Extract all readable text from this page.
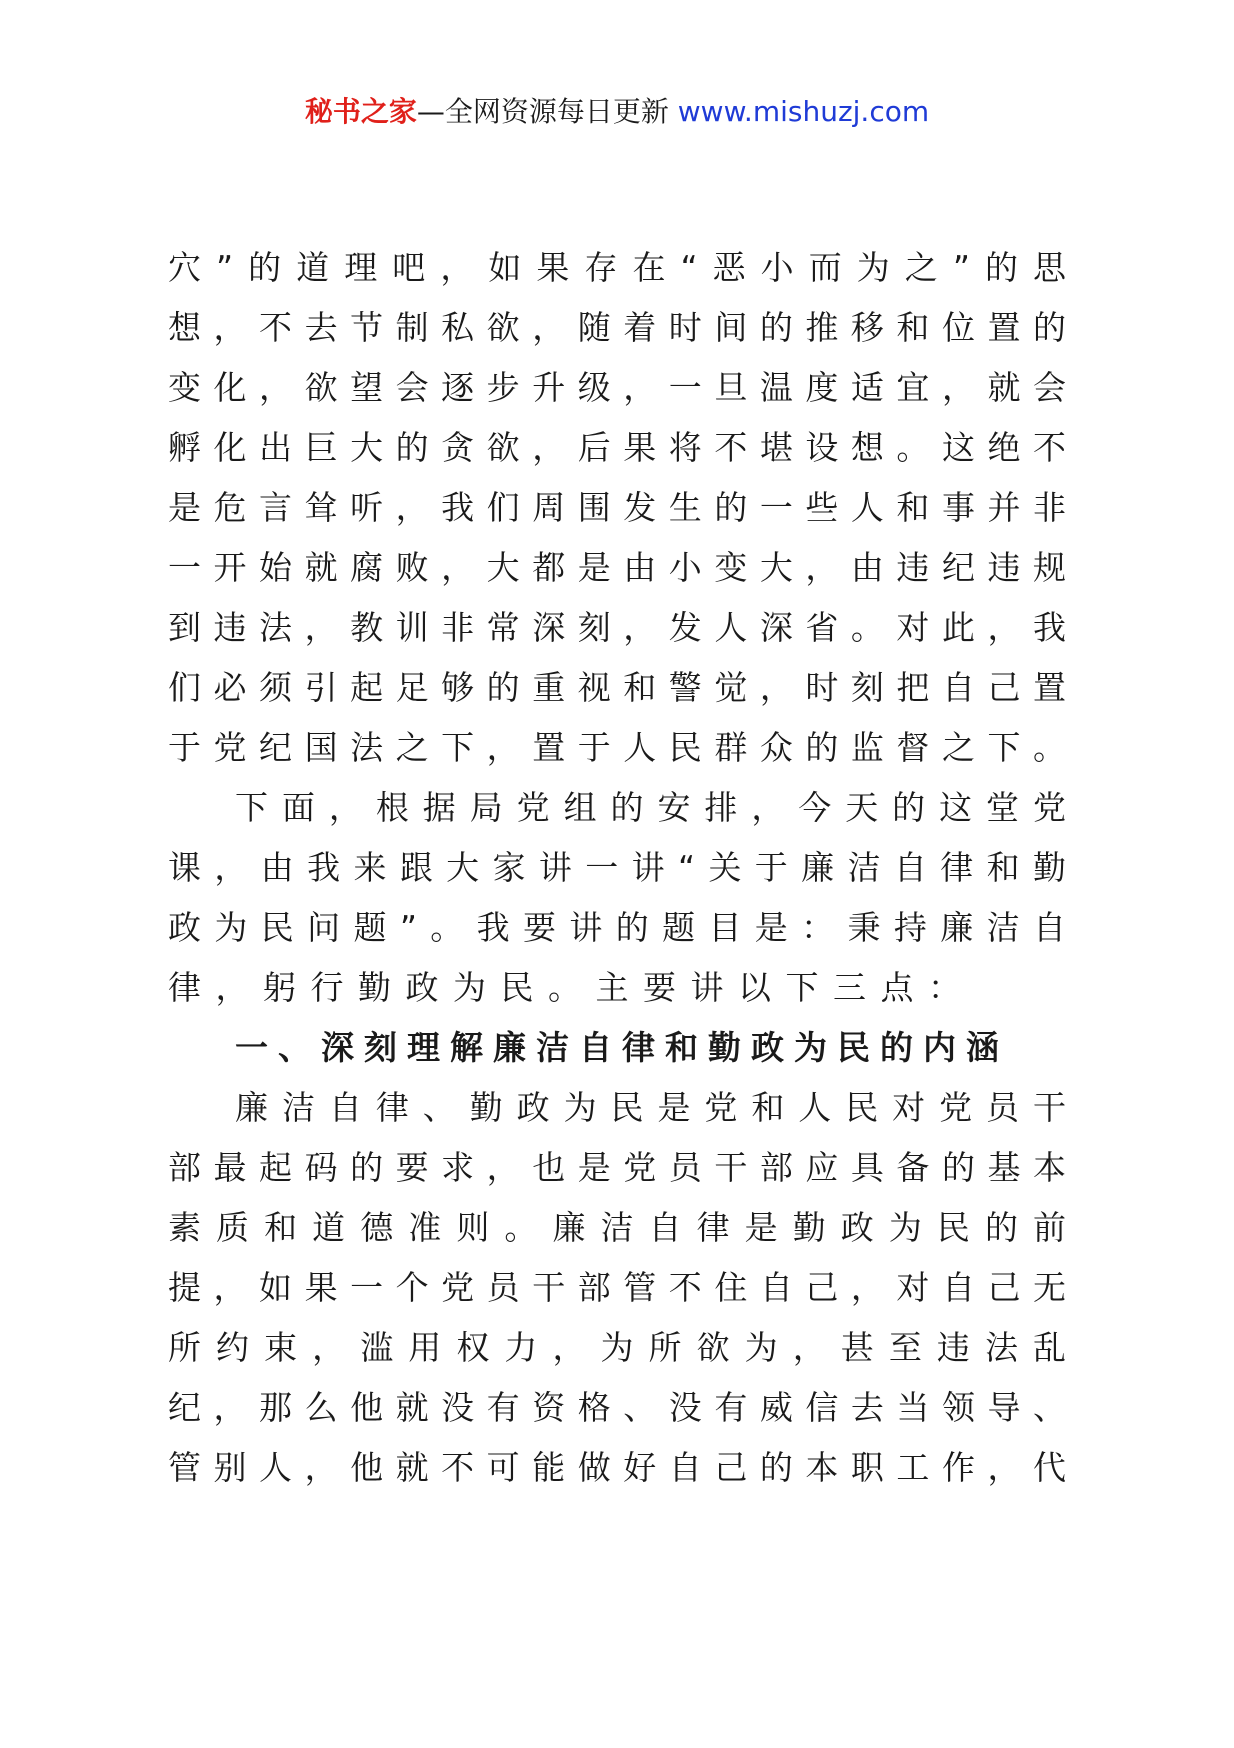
秘书之家—全网资源每日更新 www.mishuzj.com
穴”的道理吧，如果存在“恶小而为之”的思
想，不去节制私欲，随着时间的推移和位置的
变化，欲望会逐步升级，一旦温度适宜，就会
孵化出巨大的贪欲，后果将不堪设想。这绝不
是危言耸听，我们周围发生的一些人和事并非
一开始就腐败，大都是由小变大，由违纪违规
到违法，教训非常深刻，发人深省。对此，我
们必须引起足够的重视和警觉，时刻把自己置
于党纪国法之下，置于人民群众的监督之下。
下面，根据局党组的安排，今天的这堂党
课，由我来跟大家讲一讲“关于廉洁自律和勤
政为民问题”。我要讲的题目是：秉持廉洁自
律，躬行勤政为民。主要讲以下三点：
一、深刻理解廉洁自律和勤政为民的内涵
廉洁自律、勤政为民是党和人民对党员干
部最起码的要求，也是党员干部应具备的基本
素质和道德准则。廉洁自律是勤政为民的前
提，如果一个党员干部管不住自己，对自己无
所约束，滥用权力，为所欲为，甚至违法乱
纪，那么他就没有资格、没有威信去当领导、
管别人，他就不可能做好自己的本职工作，代
